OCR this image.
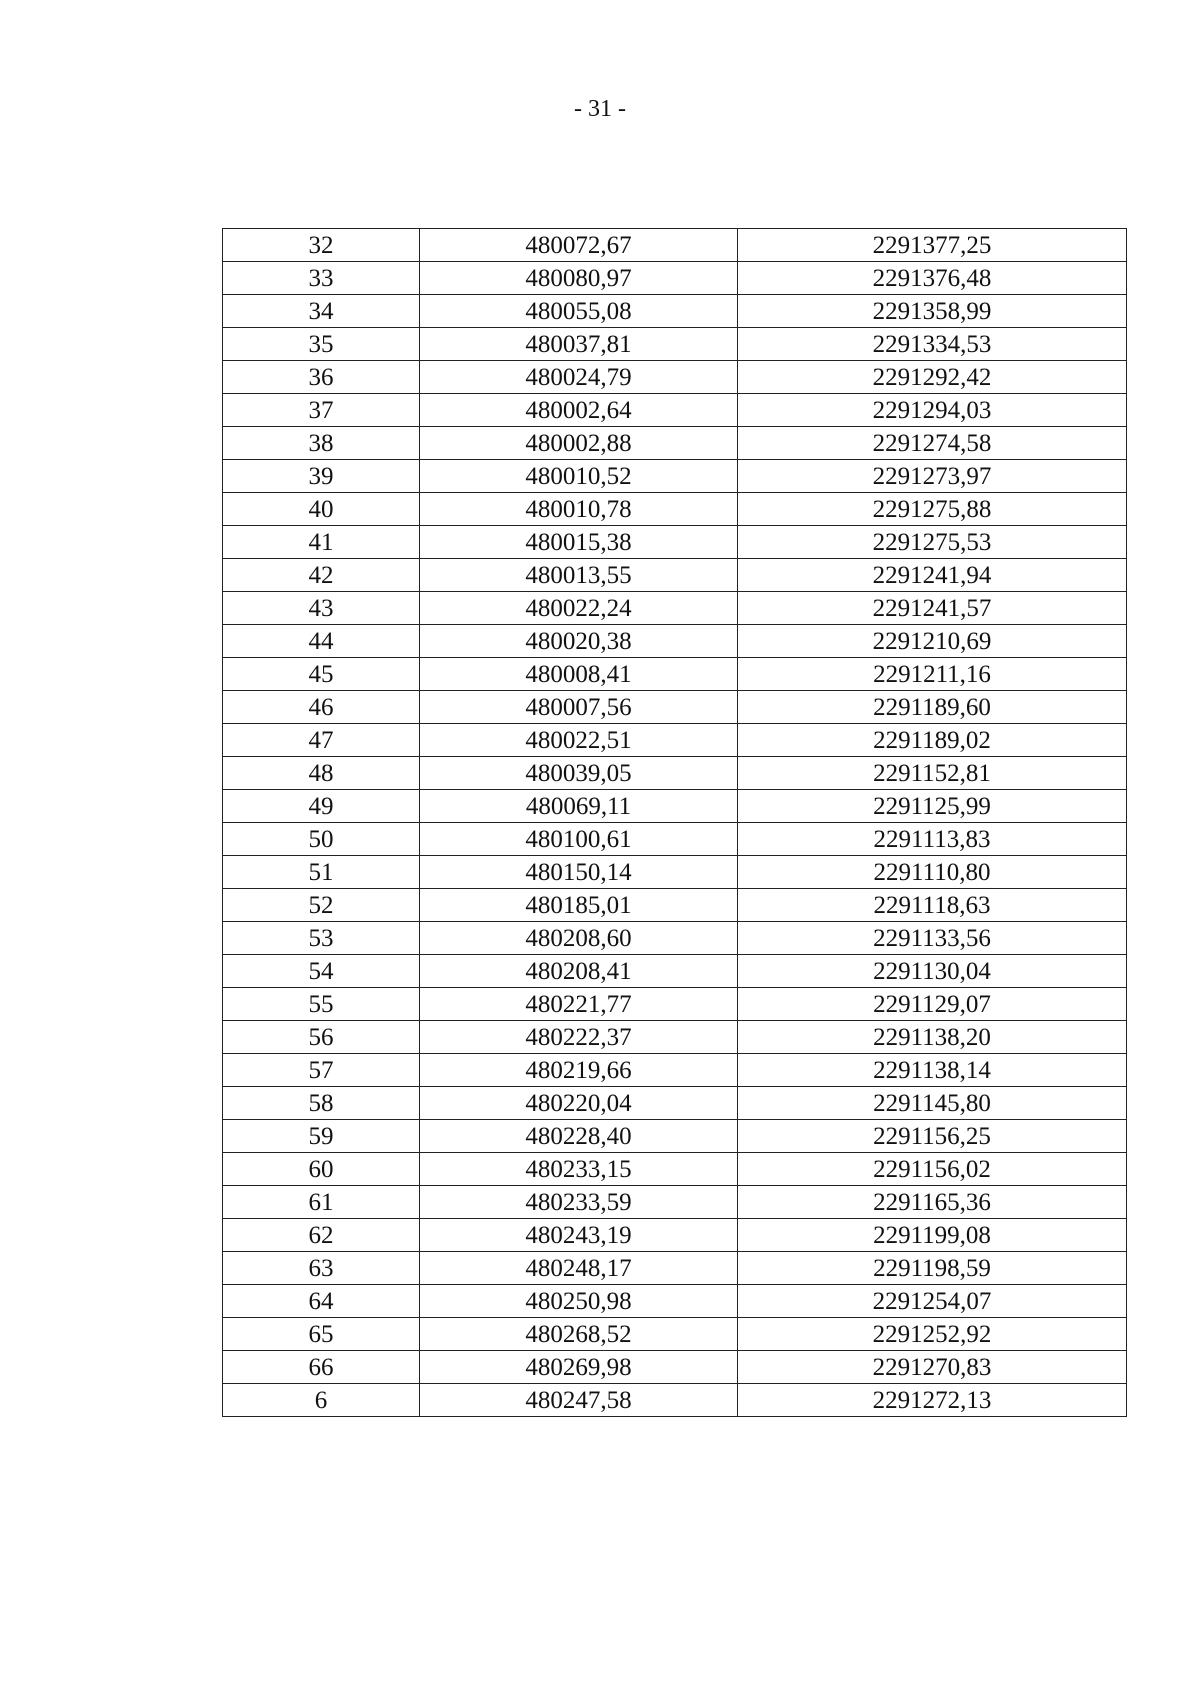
- 31 -
32	480072,67	2291377,25
33	480080,97	2291376,48
34	480055,08	2291358,99
35	480037,81	2291334,53
36	480024,79	2291292,42
37	480002,64	2291294,03
38	480002,88	2291274,58
39	480010,52	2291273,97
40	480010,78	2291275,88
41	480015,38	2291275,53
42	480013,55	2291241,94
43	480022,24	2291241,57
44	480020,38	2291210,69
45	480008,41	2291211,16
46	480007,56	2291189,60
47	480022,51	2291189,02
48	480039,05	2291152,81
49	480069,11	2291125,99
50	480100,61	2291113,83
51	480150,14	2291110,80
52	480185,01	2291118,63
53	480208,60	2291133,56
54	480208,41	2291130,04
55	480221,77	2291129,07
56	480222,37	2291138,20
57	480219,66	2291138,14
58	480220,04	2291145,80
59	480228,40	2291156,25
60	480233,15	2291156,02
61	480233,59	2291165,36
62	480243,19	2291199,08
63	480248,17	2291198,59
64	480250,98	2291254,07
65	480268,52	2291252,92
66	480269,98	2291270,83
6	480247,58	2291272,13
